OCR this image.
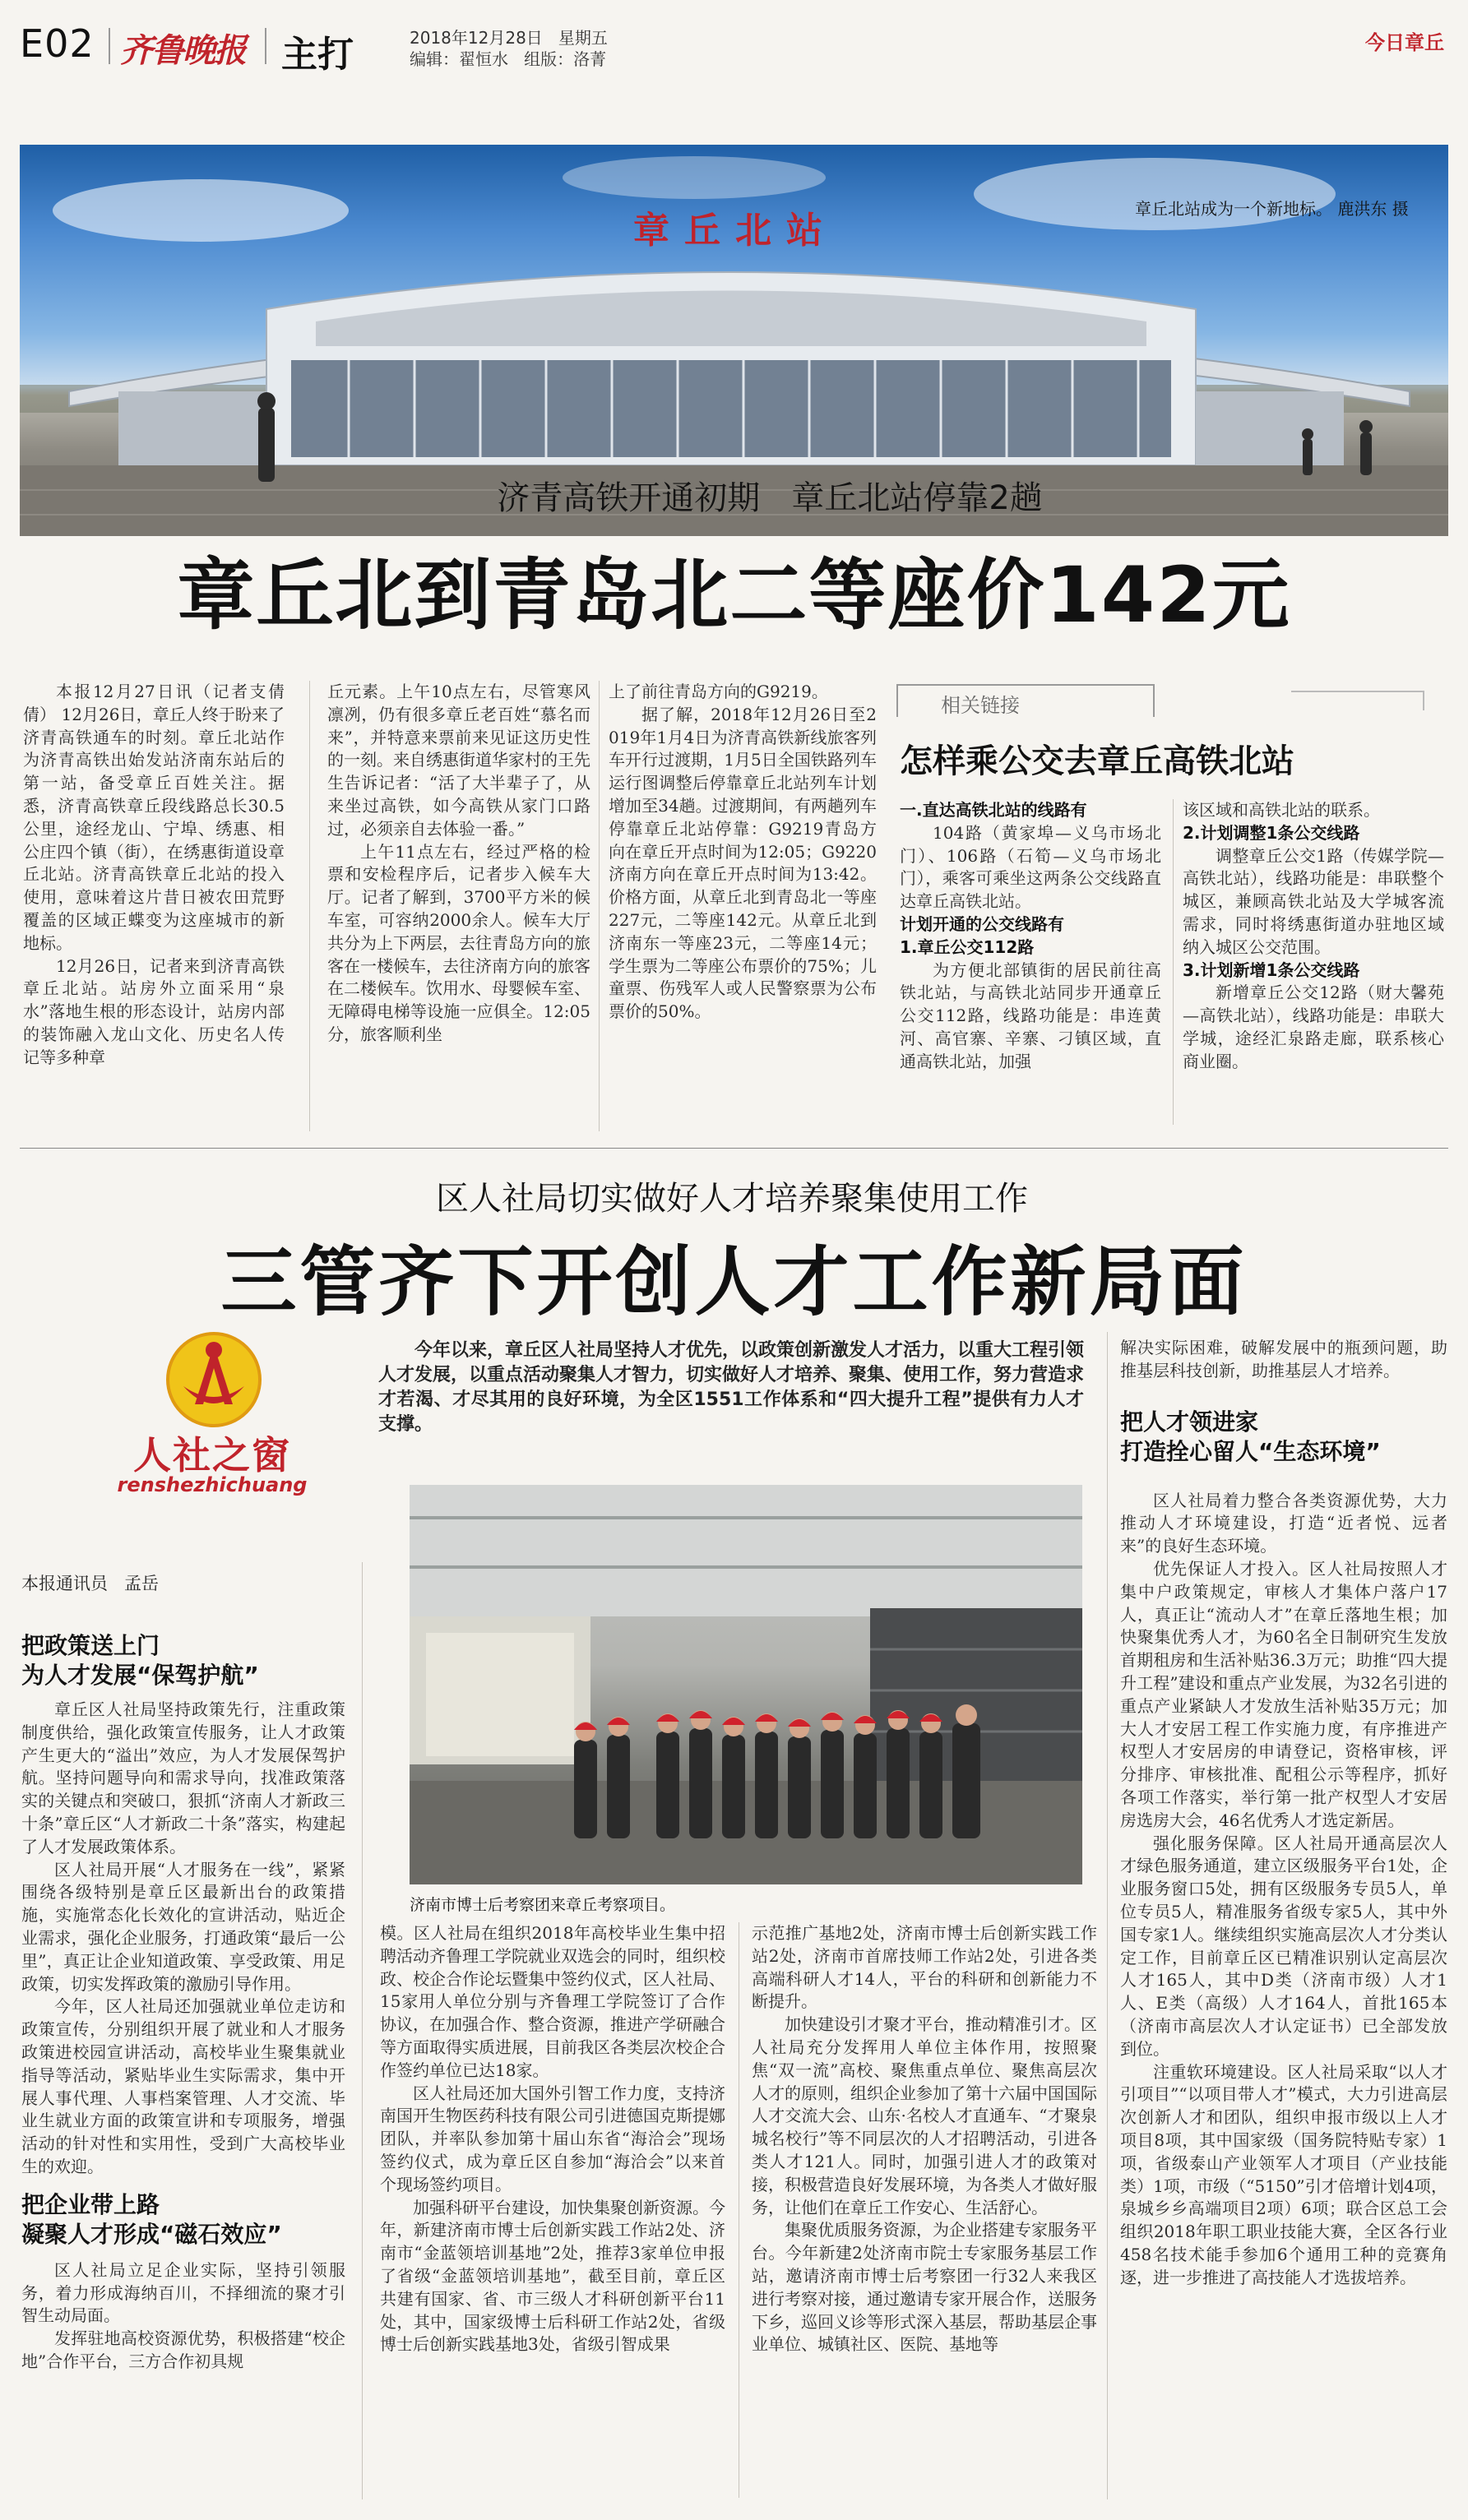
E02 齐鲁晚报 主打	2018年12月28日   星期五
编辑：翟恒水   组版：洛菁
今日章丘
章丘北站
章丘北站成为一个新地标。 鹿洪东 摄
济青高铁开通初期   章丘北站停靠2趟
章丘北到青岛北二等座价142元

本报12月27日讯（记者支倩倩） 12月26日，章丘人终于盼来了济青高铁通车的时刻。章丘北站作为济青高铁出始发站济南东站后的第一站，备受章丘百姓关注。据悉，济青高铁章丘段线路总长30.5公里，途经龙山、宁埠、绣惠、相公庄四个镇（街），在绣惠街道设章丘北站。济青高铁章丘北站的投入使用，意味着这片昔日被农田荒野覆盖的区域正蝶变为这座城市的新地标。

12月26日，记者来到济青高铁章丘北站。站房外立面采用“泉水”落地生根的形态设计，站房内部的装饰融入龙山文化、历史名人传记等多种章

丘元素。上午10点左右，尽管寒风凛冽，仍有很多章丘老百姓“慕名而来”，并特意来票前来见证这历史性的一刻。来自绣惠街道华家村的王先生告诉记者：“活了大半辈子了，从来坐过高铁，如今高铁从家门口路过，必须亲自去体验一番。”

上午11点左右，经过严格的检票和安检程序后，记者步入候车大厅。记者了解到，3700平方米的候车室，可容纳2000余人。候车大厅共分为上下两层，去往青岛方向的旅客在一楼候车，去往济南方向的旅客在二楼候车。饮用水、母婴候车室、无障碍电梯等设施一应俱全。12:05分，旅客顺利坐

上了前往青岛方向的G9219。

据了解，2018年12月26日至2019年1月4日为济青高铁新线旅客列车开行过渡期，1月5日全国铁路列车运行图调整后停靠章丘北站列车计划增加至34趟。过渡期间，有两趟列车停靠章丘北站停靠：G9219青岛方向在章丘开点时间为12:05；G9220济南方向在章丘开点时间为13:42。价格方面，从章丘北到青岛北一等座227元，二等座142元。从章丘北到济南东一等座23元，二等座14元；学生票为二等座公布票价的75%；儿童票、伤残军人或人民警察票为公布票价的50%。

相关链接
怎样乘公交去章丘高铁北站

一.直达高铁北站的线路有

104路（黄家埠—义乌市场北门）、106路（石筍—义乌市场北门），乘客可乘坐这两条公交线路直达章丘高铁北站。

计划开通的公交线路有

1.章丘公交112路

为方便北部镇街的居民前往高铁北站，与高铁北站同步开通章丘公交112路，线路功能是：串连黄河、高官寨、辛寨、刁镇区域，直通高铁北站，加强

该区域和高铁北站的联系。

2.计划调整1条公交线路

调整章丘公交1路（传媒学院—高铁北站），线路功能是：串联整个城区，兼顾高铁北站及大学城客流需求，同时将绣惠街道办驻地区域纳入城区公交范围。

3.计划新增1条公交线路

新增章丘公交12路（财大馨苑—高铁北站），线路功能是：串联大学城，途经汇泉路走廊，联系核心商业圈。

区人社局切实做好人才培养聚集使用工作
三管齐下开创人才工作新局面
人社之窗
renshezhichuang

今年以来，章丘区人社局坚持人才优先，以政策创新激发人才活力，以重大工程引领人才发展，以重点活动聚集人才智力，切实做好人才培养、聚集、使用工作，努力营造求才若渴、才尽其用的良好环境，为全区1551工作体系和“四大提升工程”提供有力人才支撑。

济南市博士后考察团来章丘考察项目。
本报通讯员   孟岳
把政策送上门
为人才发展“保驾护航”

章丘区人社局坚持政策先行，注重政策制度供给，强化政策宣传服务，让人才政策产生更大的“溢出”效应，为人才发展保驾护航。坚持问题导向和需求导向，找准政策落实的关键点和突破口，狠抓“济南人才新政三十条”章丘区“人才新政二十条”落实，构建起了人才发展政策体系。

区人社局开展“人才服务在一线”，紧紧围绕各级特别是章丘区最新出台的政策措施，实施常态化长效化的宣讲活动，贴近企业需求，强化企业服务，打通政策“最后一公里”，真正让企业知道政策、享受政策、用足政策，切实发挥政策的激励引导作用。

今年，区人社局还加强就业单位走访和政策宣传，分别组织开展了就业和人才服务政策进校园宣讲活动，高校毕业生聚集就业指导等活动，紧贴毕业生实际需求，集中开展人事代理、人事档案管理、人才交流、毕业生就业方面的政策宣讲和专项服务，增强活动的针对性和实用性，受到广大高校毕业生的欢迎。

把企业带上路
凝聚人才形成“磁石效应”

区人社局立足企业实际，坚持引领服务，着力形成海纳百川，不择细流的聚才引智生动局面。

发挥驻地高校资源优势，积极搭建“校企地”合作平台，三方合作初具规

模。区人社局在组织2018年高校毕业生集中招聘活动齐鲁理工学院就业双选会的同时，组织校政、校企合作论坛暨集中签约仪式，区人社局、15家用人单位分别与齐鲁理工学院签订了合作协议，在加强合作、整合资源，推进产学研融合等方面取得实质进展，目前我区各类层次校企合作签约单位已达18家。

区人社局还加大国外引智工作力度，支持济南国开生物医药科技有限公司引进德国克斯提娜团队，并率队参加第十届山东省“海洽会”现场签约仪式，成为章丘区自参加“海洽会”以来首个现场签约项目。

加强科研平台建设，加快集聚创新资源。今年，新建济南市博士后创新实践工作站2处、济南市“金蓝领培训基地”2处，推荐3家单位申报了省级“金蓝领培训基地”，截至目前，章丘区共建有国家、省、市三级人才科研创新平台11处，其中，国家级博士后科研工作站2处，省级博士后创新实践基地3处，省级引智成果

示范推广基地2处，济南市博士后创新实践工作站2处，济南市首席技师工作站2处，引进各类高端科研人才14人，平台的科研和创新能力不断提升。

加快建设引才聚才平台，推动精准引才。区人社局充分发挥用人单位主体作用，按照聚焦“双一流”高校、聚焦重点单位、聚焦高层次人才的原则，组织企业参加了第十六届中国国际人才交流大会、山东·名校人才直通车、“才聚泉城名校行”等不同层次的人才招聘活动，引进各类人才121人。同时，加强引进人才的政策对接，积极营造良好发展环境，为各类人才做好服务，让他们在章丘工作安心、生活舒心。

集聚优质服务资源，为企业搭建专家服务平台。今年新建2处济南市院士专家服务基层工作站，邀请济南市博士后考察团一行32人来我区进行考察对接，通过邀请专家开展合作，送服务下乡，巡回义诊等形式深入基层，帮助基层企事业单位、城镇社区、医院、基地等

解决实际困难，破解发展中的瓶颈问题，助推基层科技创新，助推基层人才培养。

把人才领进家
打造拴心留人“生态环境”

区人社局着力整合各类资源优势，大力推动人才环境建设，打造“近者悦、远者来”的良好生态环境。

优先保证人才投入。区人社局按照人才集中户政策规定，审核人才集体户落户17人，真正让“流动人才”在章丘落地生根；加快聚集优秀人才，为60名全日制研究生发放首期租房和生活补贴36.3万元；助推“四大提升工程”建设和重点产业发展，为32名引进的重点产业紧缺人才发放生活补贴35万元；加大人才安居工程工作实施力度，有序推进产权型人才安居房的申请登记，资格审核，评分排序、审核批准、配租公示等程序，抓好各项工作落实，举行第一批产权型人才安居房选房大会，46名优秀人才选定新居。

强化服务保障。区人社局开通高层次人才绿色服务通道，建立区级服务平台1处，企业服务窗口5处，拥有区级服务专员5人，单位专员5人，精准服务省级专家5人，其中外国专家1人。继续组织实施高层次人才分类认定工作，目前章丘区已精准识别认定高层次人才165人，其中D类（济南市级）人才1人、E类（高级）人才164人，首批165本（济南市高层次人才认定证书）已全部发放到位。

注重软环境建设。区人社局采取“以人才引项目”“以项目带人才”模式，大力引进高层次创新人才和团队，组织申报市级以上人才项目8项，其中国家级（国务院特贴专家）1项，省级泰山产业领军人才项目（产业技能类）1项，市级（“5150”引才倍增计划4项，泉城乡乡高端项目2项）6项；联合区总工会组织2018年职工职业技能大赛，全区各行业458名技术能手参加6个通用工种的竞赛角逐，进一步推进了高技能人才选拔培养。
